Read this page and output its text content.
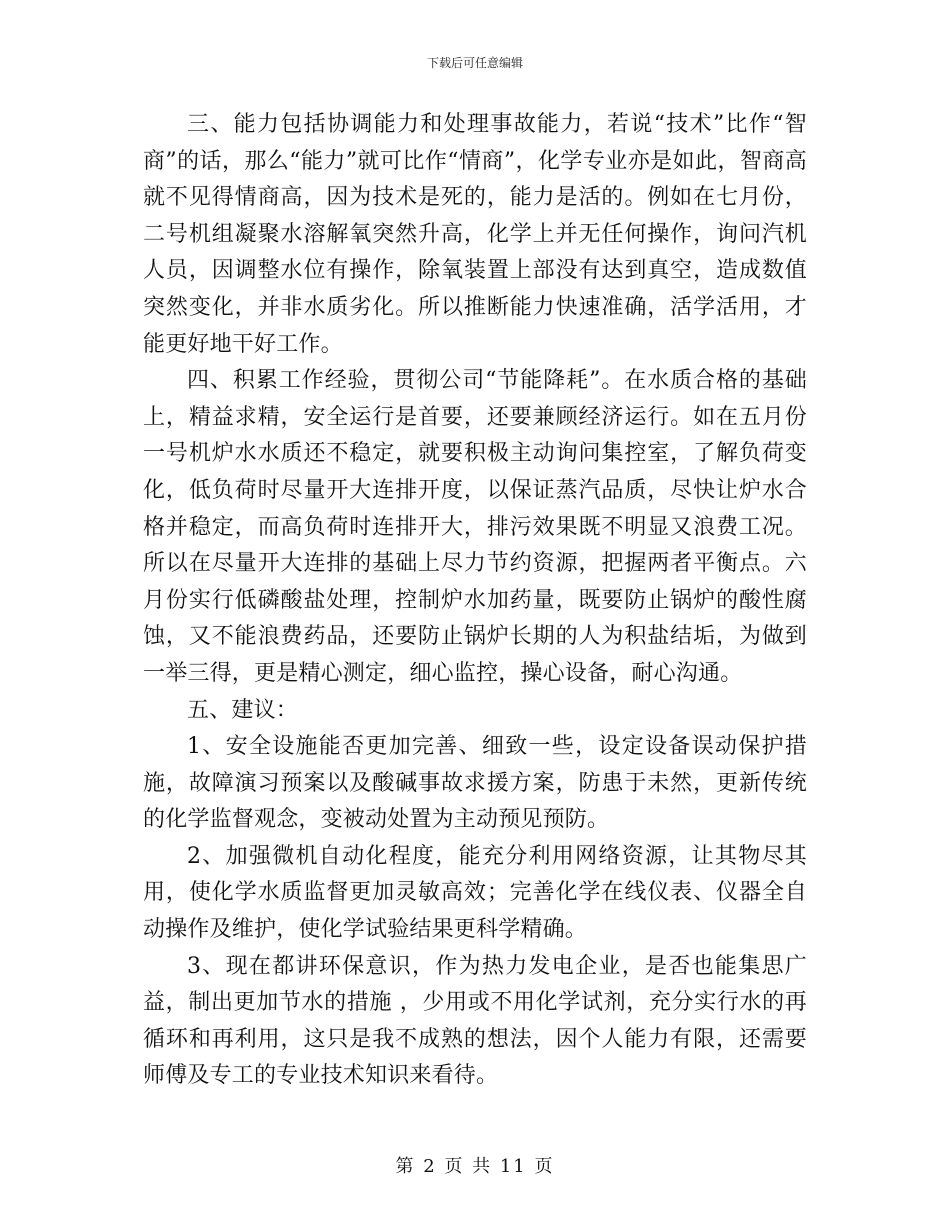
下载后可任意编辑

三、能力包括协调能力和处理事故能力，若说“技术”比作“智商”的话，那么“能力”就可比作“情商”，化学专业亦是如此，智商高就不见得情商高，因为技术是死的，能力是活的。例如在七月份，二号机组凝聚水溶解氧突然升高，化学上并无任何操作，询问汽机人员，因调整水位有操作，除氧装置上部没有达到真空，造成数值突然变化，并非水质劣化。所以推断能力快速准确，活学活用，才能更好地干好工作。

四、积累工作经验，贯彻公司“节能降耗”。在水质合格的基础上，精益求精，安全运行是首要，还要兼顾经济运行。如在五月份一号机炉水水质还不稳定，就要积极主动询问集控室，了解负荷变化，低负荷时尽量开大连排开度，以保证蒸汽品质，尽快让炉水合格并稳定，而高负荷时连排开大，排污效果既不明显又浪费工况。所以在尽量开大连排的基础上尽力节约资源，把握两者平衡点。六月份实行低磷酸盐处理，控制炉水加药量，既要防止锅炉的酸性腐蚀，又不能浪费药品，还要防止锅炉长期的人为积盐结垢，为做到一举三得，更是精心测定，细心监控，操心设备，耐心沟通。

五、建议：

1、安全设施能否更加完善、细致一些，设定设备误动保护措施，故障演习预案以及酸碱事故求援方案，防患于未然，更新传统的化学监督观念，变被动处置为主动预见预防。

2、加强微机自动化程度，能充分利用网络资源，让其物尽其用，使化学水质监督更加灵敏高效；完善化学在线仪表、仪器全自动操作及维护，使化学试验结果更科学精确。

3、现在都讲环保意识，作为热力发电企业，是否也能集思广益，制出更加节水的措施 ，少用或不用化学试剂，充分实行水的再循环和再利用，这只是我不成熟的想法，因个人能力有限，还需要师傅及专工的专业技术知识来看待。

第 2 页 共 11 页
